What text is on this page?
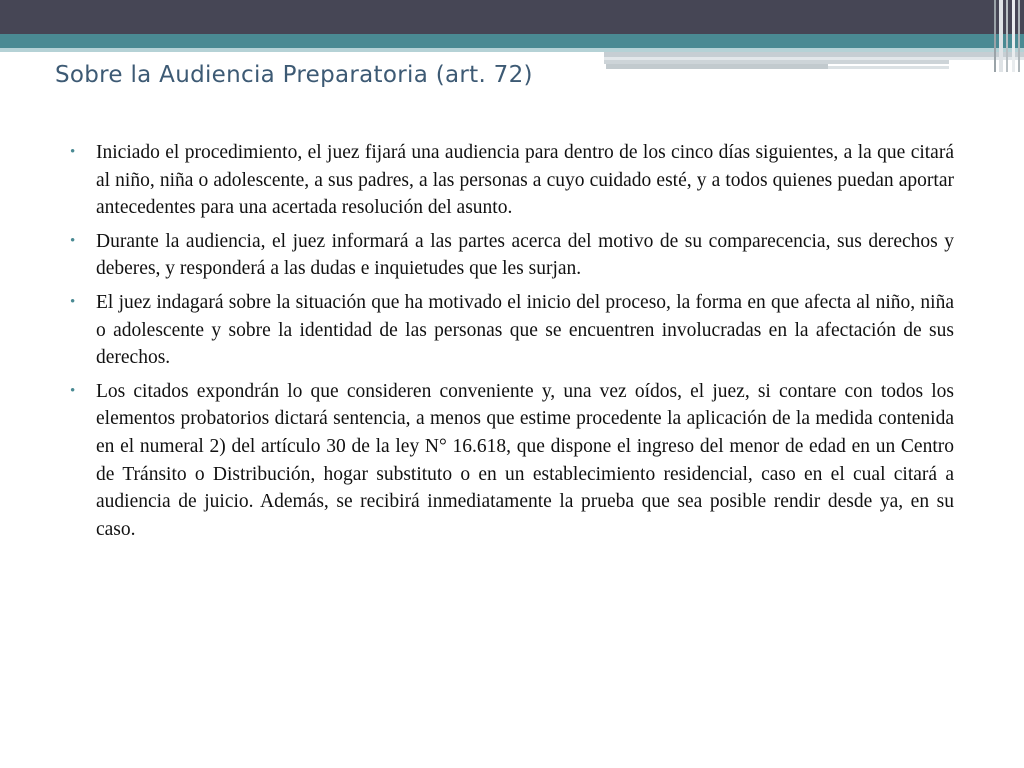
Sobre la Audiencia Preparatoria (art. 72)
• Iniciado el procedimiento, el juez fijará una audiencia para dentro de los cinco días siguientes, a la que citará al niño, niña o adolescente, a sus padres, a las personas a cuyo cuidado esté, y a todos quienes puedan aportar antecedentes para una acertada resolución del asunto.
• Durante la audiencia, el juez informará a las partes acerca del motivo de su comparecencia, sus derechos y deberes, y responderá a las dudas e inquietudes que les surjan.
• El juez indagará sobre la situación que ha motivado el inicio del proceso, la forma en que afecta al niño, niña o adolescente y sobre la identidad de las personas que se encuentren involucradas en la afectación de sus derechos.
• Los citados expondrán lo que consideren conveniente y, una vez oídos, el juez, si contare con todos los elementos probatorios dictará sentencia, a menos que estime procedente la aplicación de la medida contenida en el numeral 2) del artículo 30 de la ley N° 16.618, que dispone el ingreso del menor de edad en un Centro de Tránsito o Distribución, hogar substituto o en un establecimiento residencial, caso en el cual citará a audiencia de juicio. Además, se recibirá inmediatamente la prueba que sea posible rendir desde ya, en su caso.
